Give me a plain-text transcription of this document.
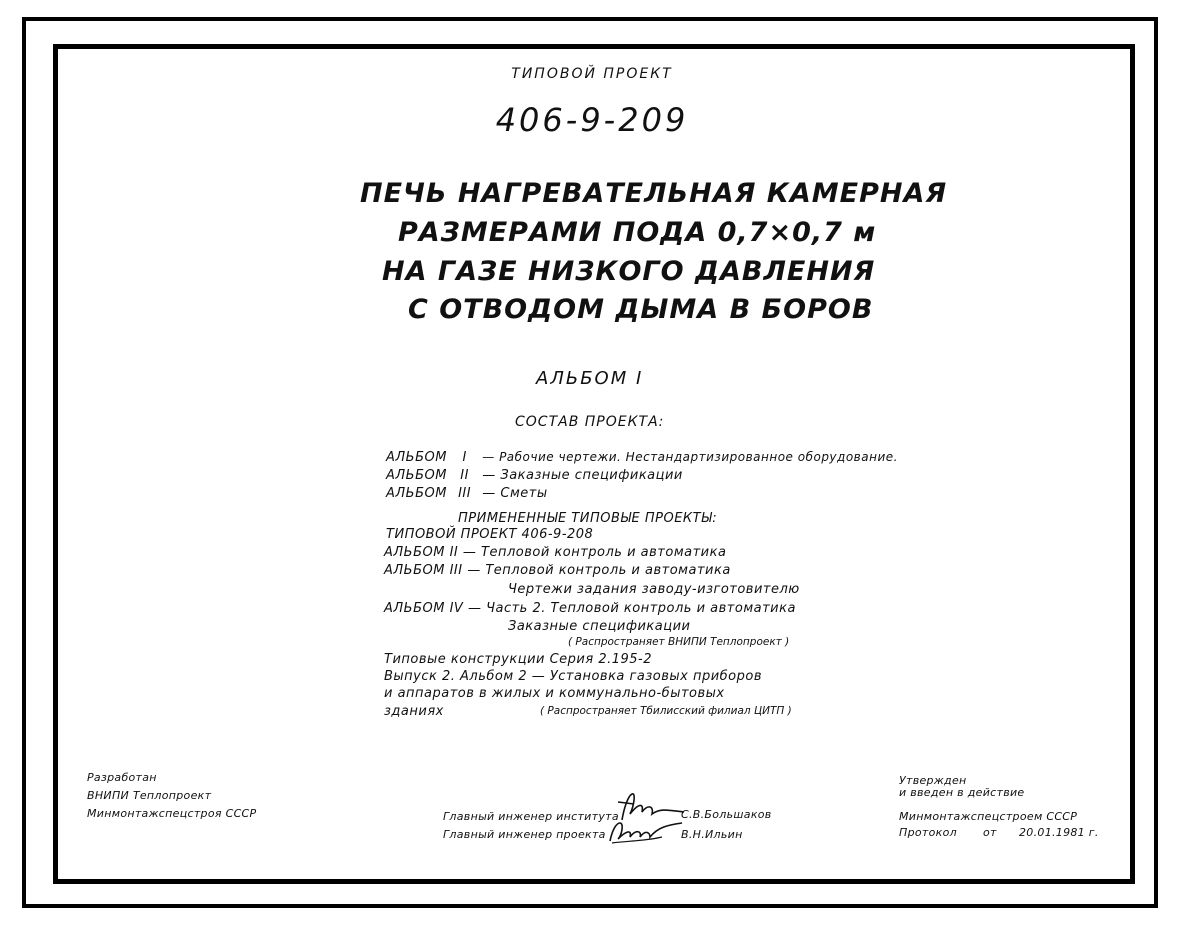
ТИПОВОЙ ПРОЕКТ
406-9-209
ПЕЧЬ НАГРЕВАТЕЛЬНАЯ КАМЕРНАЯ
РАЗМЕРАМИ ПОДА 0,7×0,7 м
НА ГАЗЕ НИЗКОГО ДАВЛЕНИЯ
С ОТВОДОМ ДЫМА В БОРОВ
АЛЬБОМ I
СОСТАВ ПРОЕКТА:
АЛЬБОМ I — Рабочие чертежи. Нестандартизированное оборудование.
АЛЬБОМ II — Заказные спецификации
АЛЬБОМ III — Сметы
ПРИМЕНЕННЫЕ ТИПОВЫЕ ПРОЕКТЫ:
ТИПОВОЙ ПРОЕКТ 406-9-208
АЛЬБОМ II — Тепловой контроль и автоматика
АЛЬБОМ III — Тепловой контроль и автоматика
Чертежи задания заводу-изготовителю
АЛЬБОМ IV — Часть 2. Тепловой контроль и автоматика
Заказные спецификации
( Распространяет ВНИПИ Теплопроект )
Типовые конструкции Серия 2.195-2
Выпуск 2. Альбом 2 — Установка газовых приборов
и аппаратов в жилых и коммунально-бытовых
зданиях	( Распространяет Тбилисский филиал ЦИТП )
Разработан
ВНИПИ Теплопроект
Минмонтажспецстроя СССР	Главный инженер института	С.В.Большаков
Главный инженер проекта	В.Н.Ильин
Утвержден
и введен в действие
Минмонтажспецстроем СССР
Протокол от 20.01.1981 г.
